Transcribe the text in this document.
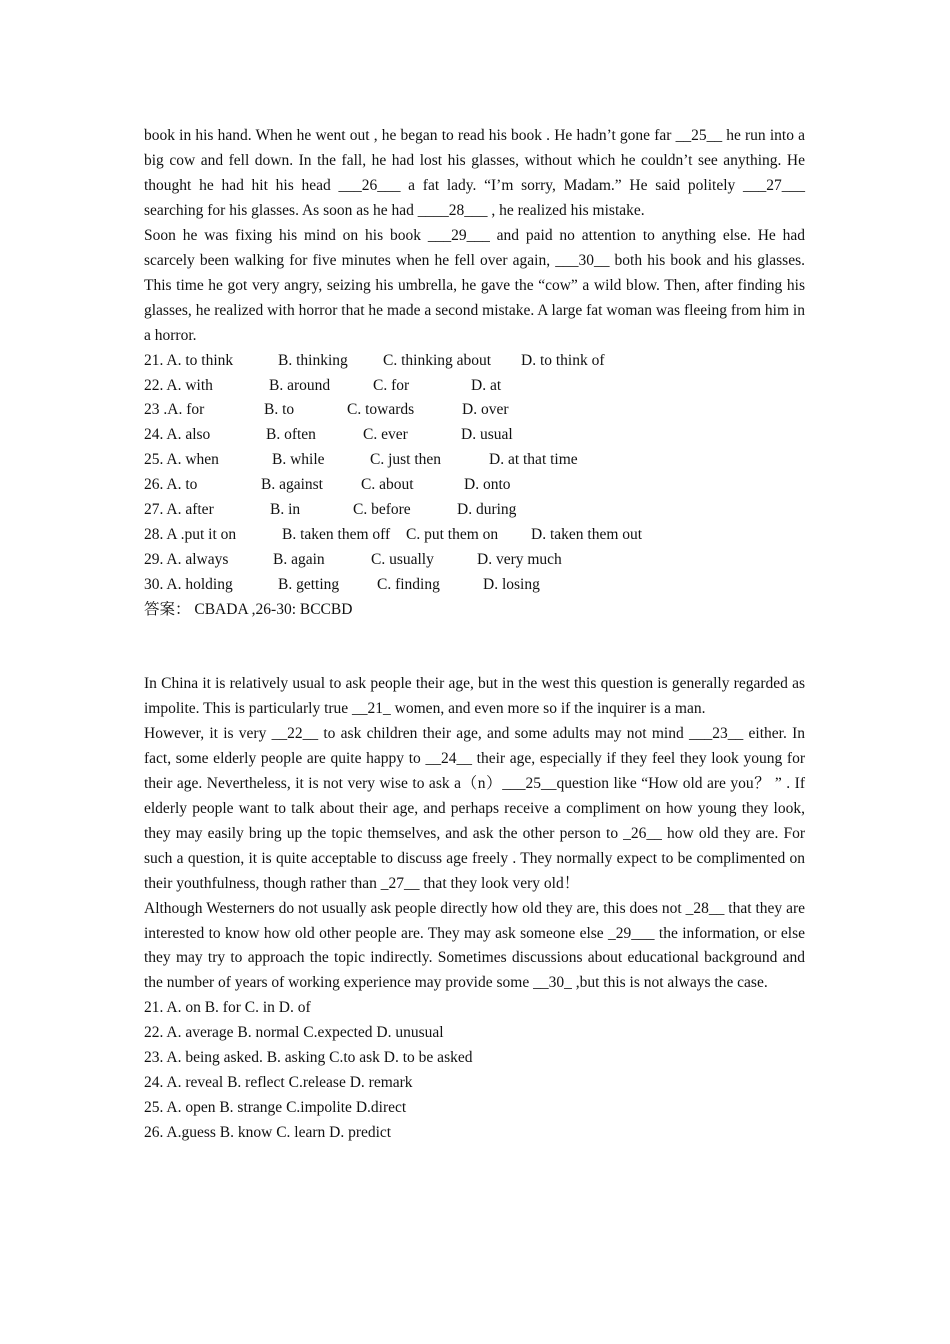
book in his hand. When he went out , he began to read his book . He hadn’t gone far __25__ he run into a big cow and fell down. In the fall, he had lost his glasses, without which he couldn’t see anything. He thought he had hit his head ___26___ a fat lady. “I’m sorry, Madam.” He said politely ___27___ searching for his glasses. As soon as he had ____28___ , he realized his mistake.

Soon he was fixing his mind on his book ___29___ and paid no attention to anything else. He had scarcely been walking for five minutes when he fell over again, ___30__ both his book and his glasses. This time he got very angry, seizing his umbrella, he gave the “cow” a wild blow. Then, after finding his glasses, he realized with horror that he made a second mistake. A large fat woman was fleeing from him in a horror.

21. A. to think	B. thinking C. thinking about D. to think of
22. A. with	B. around	C. for	D. at
23 .A. for	B. to	C. towards	D. over
24. A. also	B. often	C. ever	D. usual
25. A. when	B. while	C. just then	D. at that time
26. A. to	B. against C. about	D. onto
27. A. after	B. in	C. before	D. during
28. A .put it on	B. taken them off C. put them on D. taken them out
29. A. always	B. again	C. usually	D. very much
30. A. holding	B. getting C. finding	D. losing

答案： CBADA ,26-30: BCCBD

In China it is relatively usual to ask people their age, but in the west this question is generally regarded as impolite. This is particularly true __21_ women, and even more so if the inquirer is a man.

However, it is very __22__ to ask children their age, and some adults may not mind ___23__ either. In fact, some elderly people are quite happy to __24__ their age, especially if they feel they look young for their age. Nevertheless, it is not very wise to ask a（n）___25__question like “How old are you？ ” . If elderly people want to talk about their age, and perhaps receive a compliment on how young they look, they may easily bring up the topic themselves, and ask the other person to _26__ how old they are. For such a question, it is quite acceptable to discuss age freely . They normally expect to be complimented on their youthfulness, though rather than _27__ that they look very old！

Although Westerners do not usually ask people directly how old they are, this does not _28__ that they are interested to know how old other people are. They may ask someone else _29___ the information, or else they may try to approach the topic indirectly. Sometimes discussions about educational background and the number of years of working experience may provide some __30_ ,but this is not always the case.

21. A. on B. for C. in D. of

22. A. average B. normal C.expected D. unusual

23. A. being asked. B. asking C.to ask D. to be asked

24. A. reveal B. reflect C.release D. remark

25. A. open B. strange C.impolite D.direct

26. A.guess B. know C. learn D. predict
